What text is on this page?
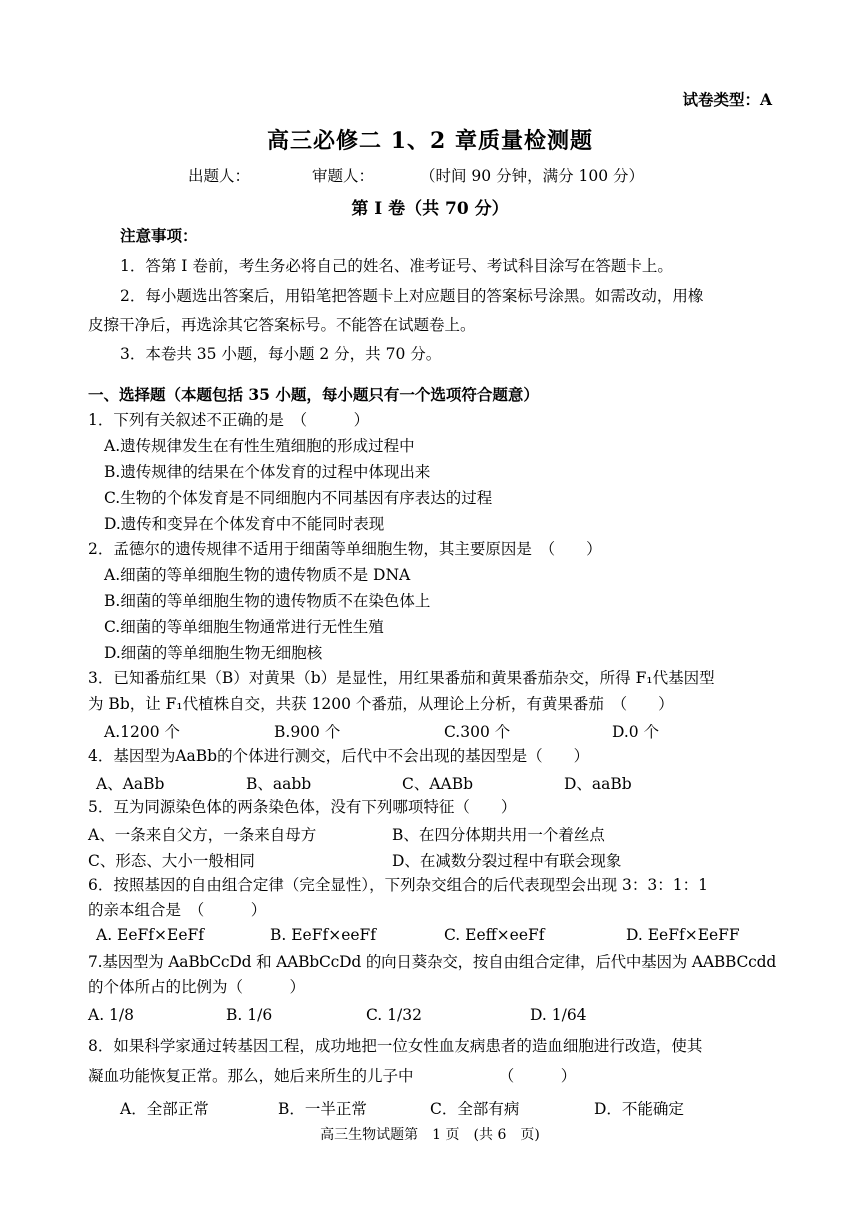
试卷类型：A
高三必修二 1、2 章质量检测题
出题人：	审题人：	（时间 90 分钟，满分 100 分）
第 I 卷（共 70 分）
注意事项：
1．答第 I 卷前，考生务必将自己的姓名、准考证号、考试科目涂写在答题卡上。
2．每小题选出答案后，用铅笔把答题卡上对应题目的答案标号涂黑。如需改动，用橡
皮擦干净后，再选涂其它答案标号。不能答在试题卷上。
3．本卷共 35 小题，每小题 2 分，共 70 分。
一、选择题（本题包括 35 小题，每小题只有一个选项符合题意）
1．下列有关叙述不正确的是　（　　　）
A.遗传规律发生在有性生殖细胞的形成过程中
B.遗传规律的结果在个体发育的过程中体现出来
C.生物的个体发育是不同细胞内不同基因有序表达的过程
D.遗传和变异在个体发育中不能同时表现
2．孟德尔的遗传规律不适用于细菌等单细胞生物，其主要原因是　（　　）
A.细菌的等单细胞生物的遗传物质不是 DNA
B.细菌的等单细胞生物的遗传物质不在染色体上
C.细菌的等单细胞生物通常进行无性生殖
D.细菌的等单细胞生物无细胞核
3．已知番茄红果（B）对黄果（b）是显性，用红果番茄和黄果番茄杂交，所得 F₁代基因型
为 Bb，让 F₁代植株自交，共获 1200 个番茄，从理论上分析，有黄果番茄　（　　）
A.1200 个	B.900 个	C.300 个	D.0 个
4．基因型为AaBb的个体进行测交，后代中不会出现的基因型是（　　）
A、AaBb	B、aabb	C、AABb	D、aaBb
5．互为同源染色体的两条染色体，没有下列哪项特征（　　）
A、一条来自父方，一条来自母方	B、在四分体期共用一个着丝点
C、形态、大小一般相同	D、在减数分裂过程中有联会现象
6．按照基因的自由组合定律（完全显性），下列杂交组合的后代表现型会出现 3：3：1：1
的亲本组合是　（　　　）
A. EeFf×EeFf	B. EeFf×eeFf	C. Eeff×eeFf	D. EeFf×EeFF
7.基因型为 AaBbCcDd 和 AABbCcDd 的向日葵杂交，按自由组合定律，后代中基因为 AABBCcdd
的个体所占的比例为（　　　）
A. 1/8	B. 1/6	C. 1/32	D. 1/64
8．如果科学家通过转基因工程，成功地把一位女性血友病患者的造血细胞进行改造，使其
凝血功能恢复正常。那么，她后来所生的儿子中　　　　　　（　　　）
A．全部正常	B．一半正常	C．全部有病	D．不能确定
高三生物试题第　1 页　(共 6　页)
